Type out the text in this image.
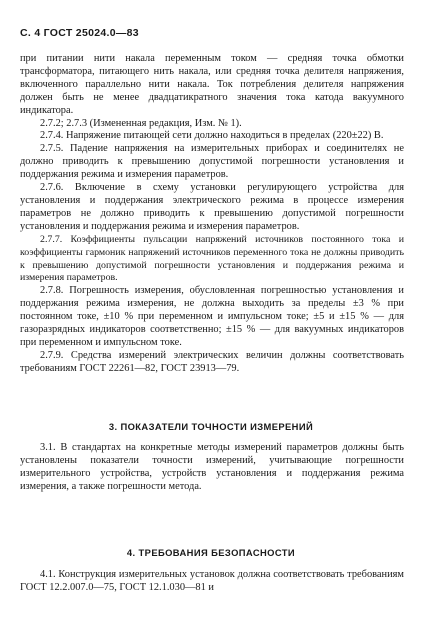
С. 4 ГОСТ 25024.0—83

при питании нити накала переменным током — средняя точка обмотки трансформатора, питающего нить накала, или средняя точка делителя напряжения, включенного параллельно нити накала. Ток потребления делителя напряжения должен быть не менее двадцатикратного значения тока катода вакуумного индикатора.

2.7.2; 2.7.3 (Измененная редакция, Изм. № 1).

2.7.4. Напряжение питающей сети должно находиться в пределах (220±22) В.

2.7.5. Падение напряжения на измерительных приборах и соединителях не должно приводить к превышению допустимой погрешности установления и поддержания режима и измерения параметров.

2.7.6. Включение в схему установки регулирующего устройства для установления и поддержания электрического режима в процессе измерения параметров не должно приводить к превышению допустимой погрешности установления и поддержания режима и измерения параметров.

2.7.7. Коэффициенты пульсации напряжений источников постоянного тока и коэффициенты гармоник напряжений источников переменного тока не должны приводить к превышению допустимой погрешности установления и поддержания режима и измерения параметров.

2.7.8. Погрешность измерения, обусловленная погрешностью установления и поддержания режима измерения, не должна выходить за пределы ±3 % при постоянном токе, ±10 % при переменном и импульсном токе; ±5 и ±15 % — для газоразрядных индикаторов соответственно; ±15 % — для вакуумных индикаторов при переменном и импульсном токе.

2.7.9. Средства измерений электрических величин должны соответствовать требованиям ГОСТ 22261—82, ГОСТ 23913—79.

3. ПОКАЗАТЕЛИ ТОЧНОСТИ ИЗМЕРЕНИЙ

3.1. В стандартах на конкретные методы измерений параметров должны быть установлены показатели точности измерений, учитывающие погрешности измерительного устройства, устройств установления и поддержания режима измерения, а также погрешности метода.

4. ТРЕБОВАНИЯ БЕЗОПАСНОСТИ

4.1. Конструкция измерительных установок должна соответствовать требованиям ГОСТ 12.2.007.0—75, ГОСТ 12.1.030—81 и
